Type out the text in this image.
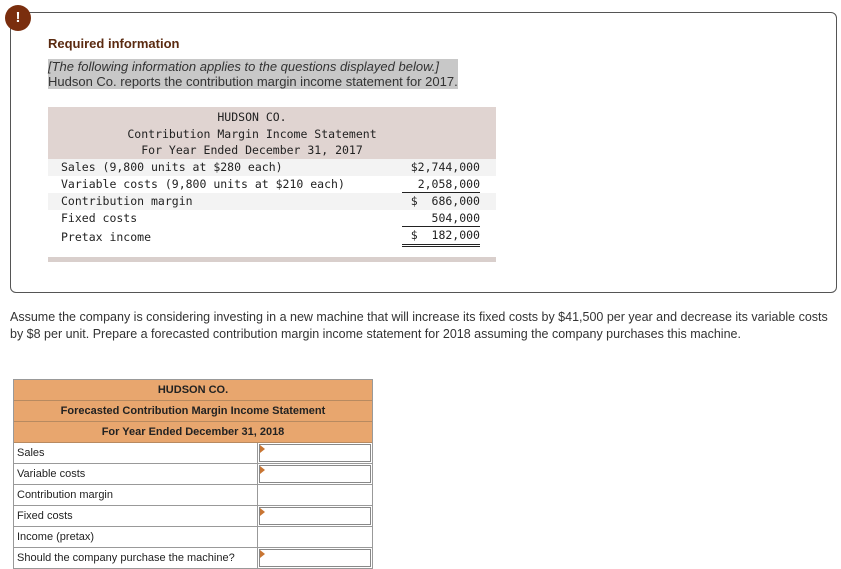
!
Required information
[The following information applies to the questions displayed below.]
Hudson Co. reports the contribution margin income statement for 2017.
HUDSON CO.
Contribution Margin Income Statement
For Year Ended December 31, 2017
Sales (9,800 units at $280 each)	$2,744,000
Variable costs (9,800 units at $210 each)	2,058,000
Contribution margin	$  686,000
Fixed costs	504,000
Pretax income	$  182,000
Assume the company is considering investing in a new machine that will increase its fixed costs by $41,500 per year and decrease its variable costs by $8 per unit. Prepare a forecasted contribution margin income statement for 2018 assuming the company purchases this machine.
HUDSON CO.
Forecasted Contribution Margin Income Statement
For Year Ended December 31, 2018
Sales
Variable costs
Contribution margin
Fixed costs
Income (pretax)
Should the company purchase the machine?
